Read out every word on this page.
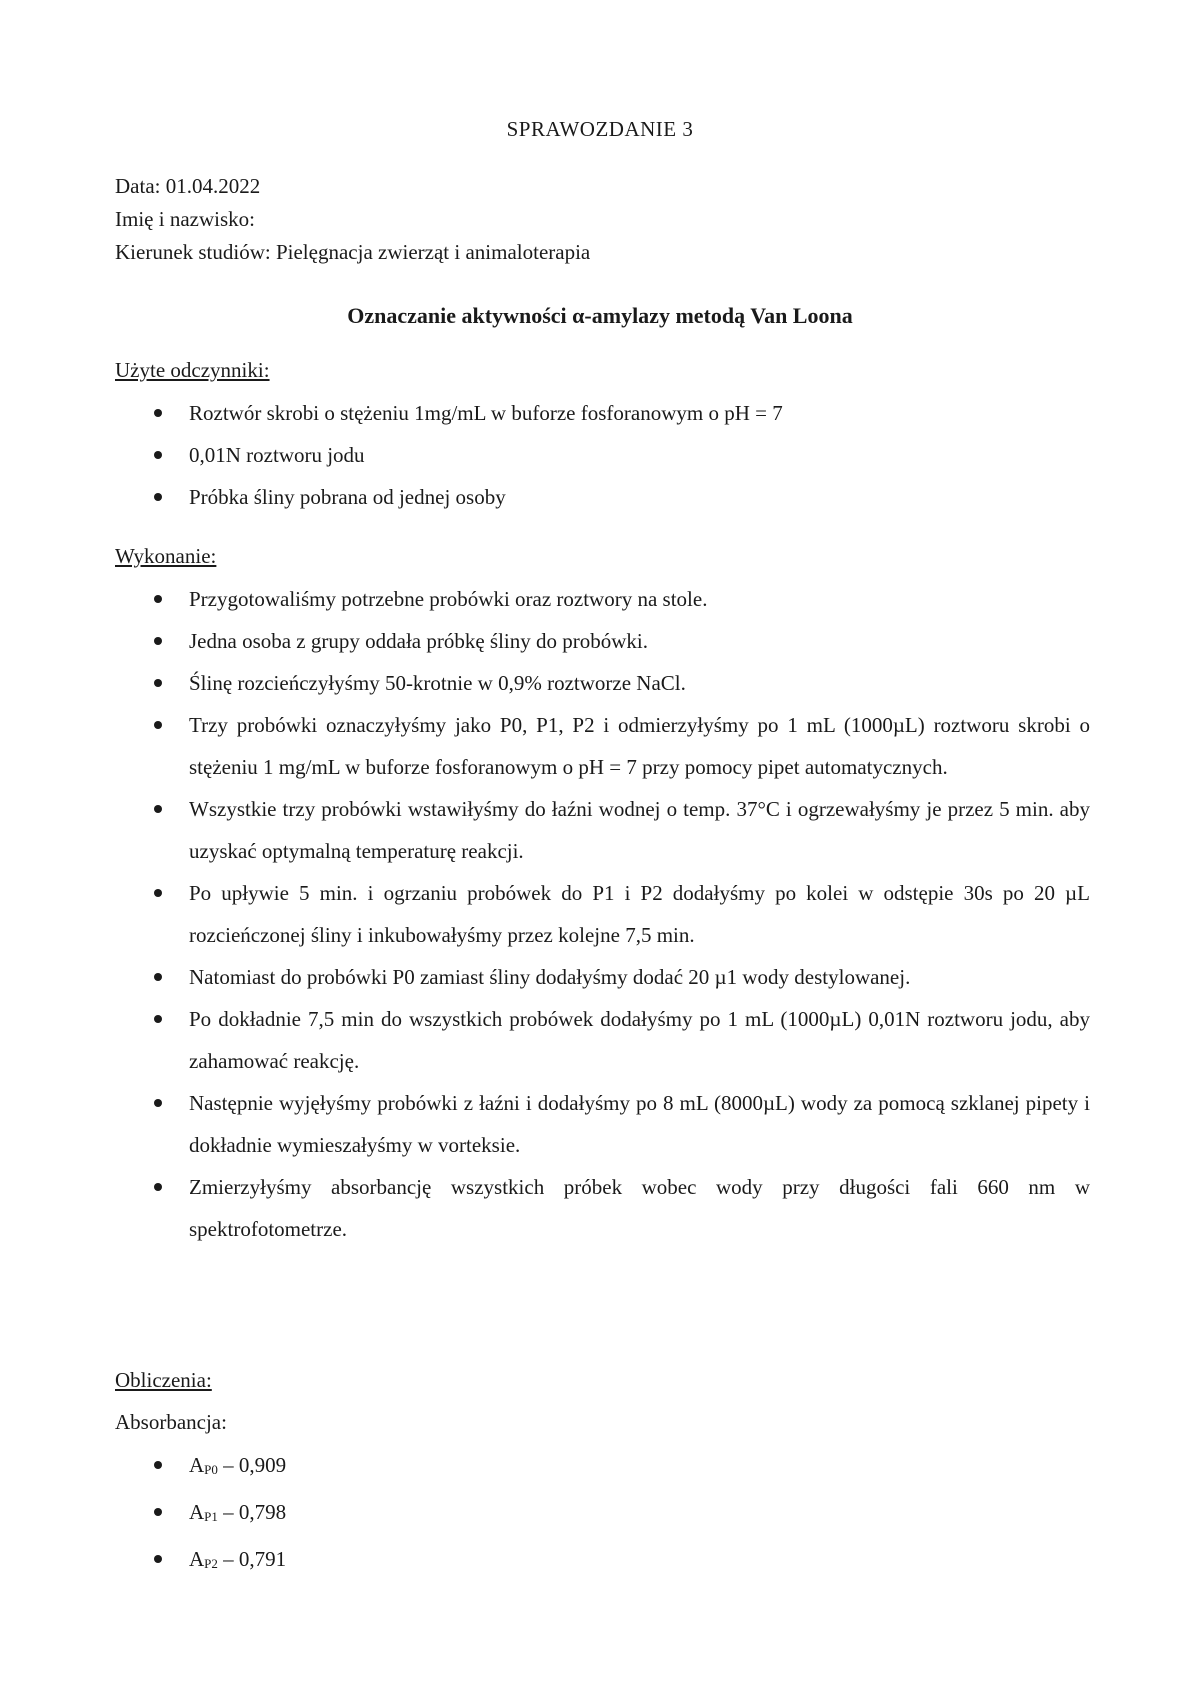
SPRAWOZDANIE 3
Data: 01.04.2022
Imię i nazwisko:
Kierunek studiów: Pielęgnacja zwierząt i animaloterapia
Oznaczanie aktywności α-amylazy metodą Van Loona
Użyte odczynniki:
Roztwór skrobi o stężeniu 1mg/mL w buforze fosforanowym o pH = 7
0,01N roztworu jodu
Próbka śliny pobrana od jednej osoby
Wykonanie:
Przygotowaliśmy potrzebne probówki oraz roztwory na stole.
Jedna osoba z grupy oddała próbkę śliny do probówki.
Ślinę rozcieńczyłyśmy 50-krotnie w 0,9% roztworze NaCl.
Trzy probówki oznaczyłyśmy jako P0, P1, P2 i odmierzyłyśmy po 1 mL (1000µL) roztworu skrobi o stężeniu 1 mg/mL w buforze fosforanowym o pH = 7 przy pomocy pipet automatycznych.
Wszystkie trzy probówki wstawiłyśmy do łaźni wodnej o temp. 37°C i ogrzewałyśmy je przez 5 min. aby uzyskać optymalną temperaturę reakcji.
Po upływie 5 min. i ogrzaniu probówek do P1 i P2 dodałyśmy po kolei w odstępie 30s po 20 µL rozcieńczonej śliny i inkubowałyśmy przez kolejne 7,5 min.
Natomiast do probówki P0 zamiast śliny dodałyśmy dodać 20 µ1 wody destylowanej.
Po dokładnie 7,5 min do wszystkich probówek dodałyśmy po 1 mL (1000µL) 0,01N roztworu jodu, aby zahamować reakcję.
Następnie wyjęłyśmy probówki z łaźni i dodałyśmy po 8 mL (8000µL) wody za pomocą szklanej pipety i dokładnie wymieszałyśmy w vorteksie.
Zmierzyłyśmy absorbancję wszystkich próbek wobec wody przy długości fali 660 nm w spektrofotometrze.
Obliczenia:
Absorbancja:
AP0 – 0,909
AP1 – 0,798
AP2 – 0,791
